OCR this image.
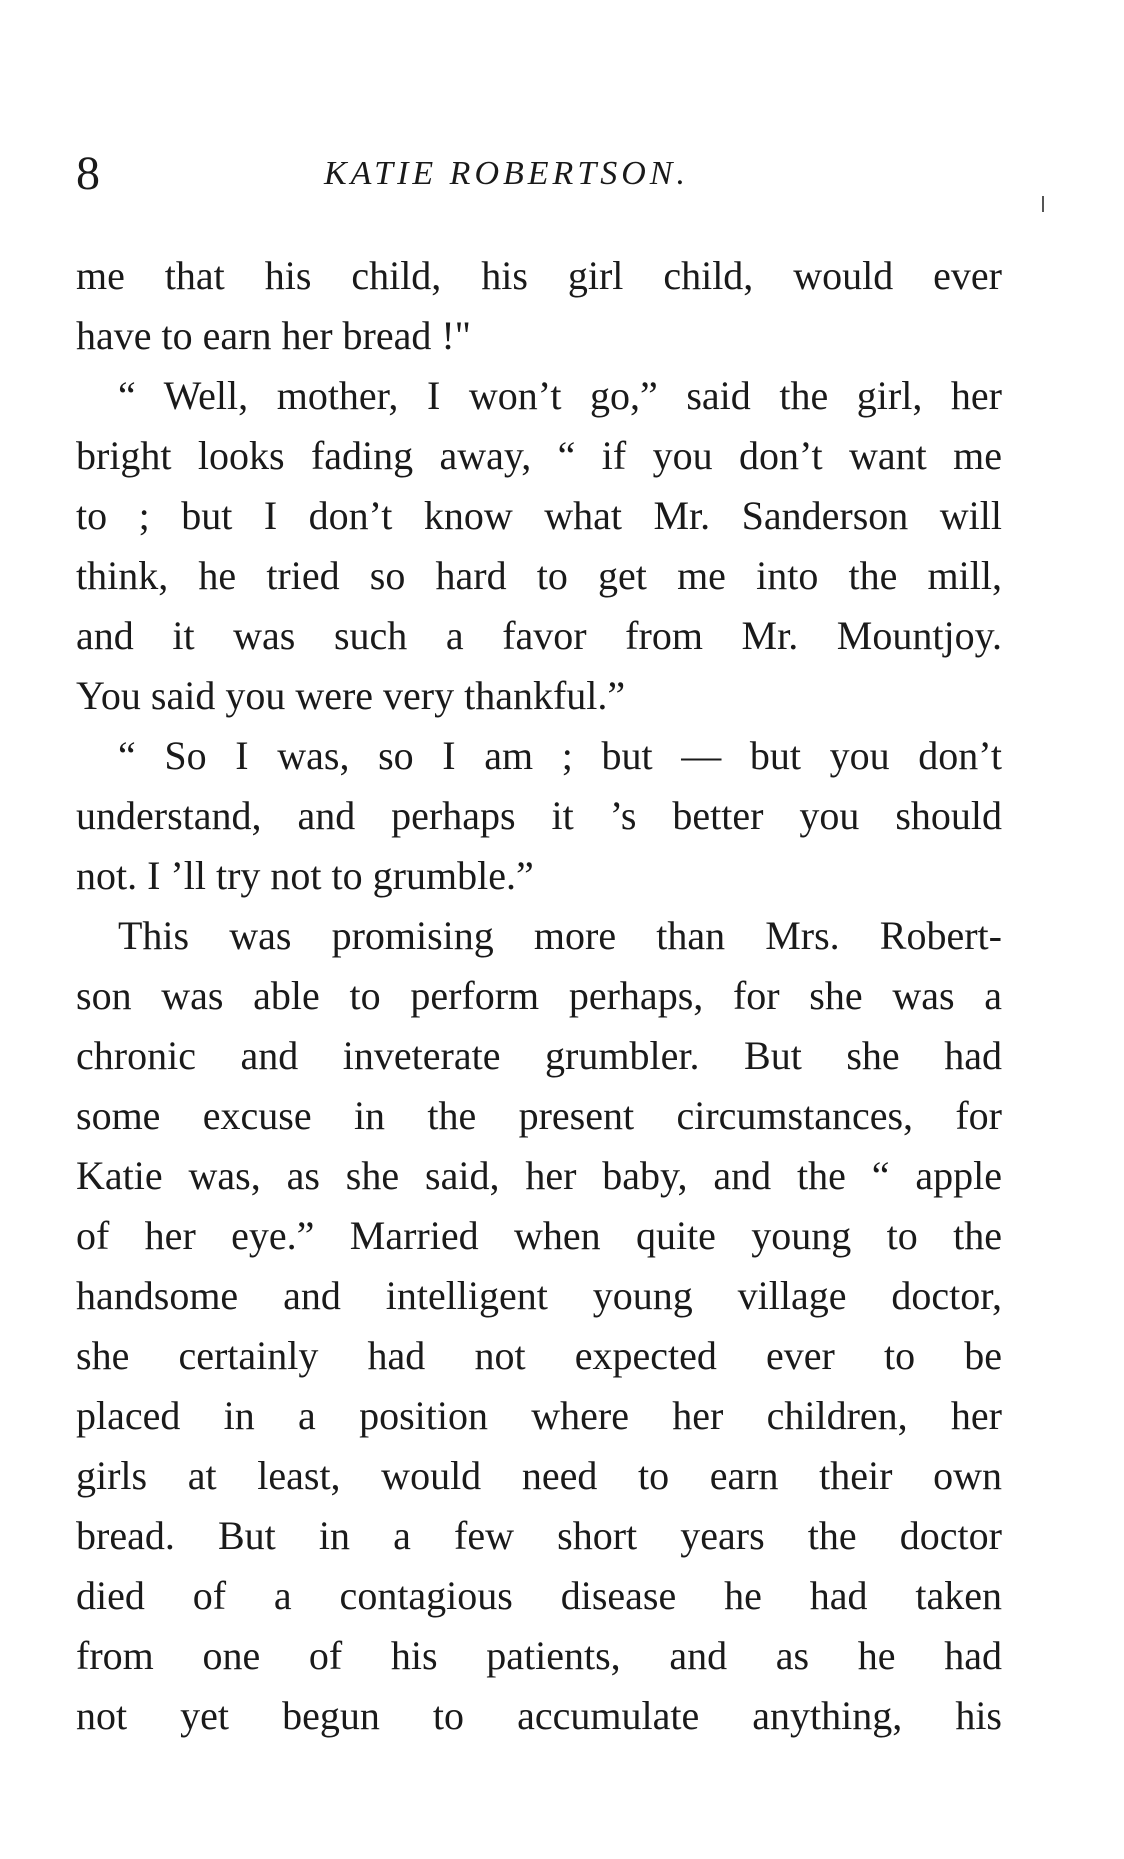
8	KATIE ROBERTSON.
me that his child, his girl child, would ever
have to earn her bread !"
“ Well, mother, I won’t go,” said the girl, her
bright looks fading away, “ if you don’t want me
to ; but I don’t know what Mr. Sanderson will
think, he tried so hard to get me into the mill,
and it was such a favor from Mr. Mountjoy.
You said you were very thankful.”
“ So I was, so I am ; but — but you don’t
understand, and perhaps it ’s better you should
not. I ’ll try not to grumble.”
This was promising more than Mrs. Robert-
son was able to perform perhaps, for she was a
chronic and inveterate grumbler. But she had
some excuse in the present circumstances, for
Katie was, as she said, her baby, and the “ apple
of her eye.” Married when quite young to the
handsome and intelligent young village doctor,
she certainly had not expected ever to be
placed in a position where her children, her
girls at least, would need to earn their own
bread. But in a few short years the doctor
died of a contagious disease he had taken
from one of his patients, and as he had
not yet begun to accumulate anything, his
